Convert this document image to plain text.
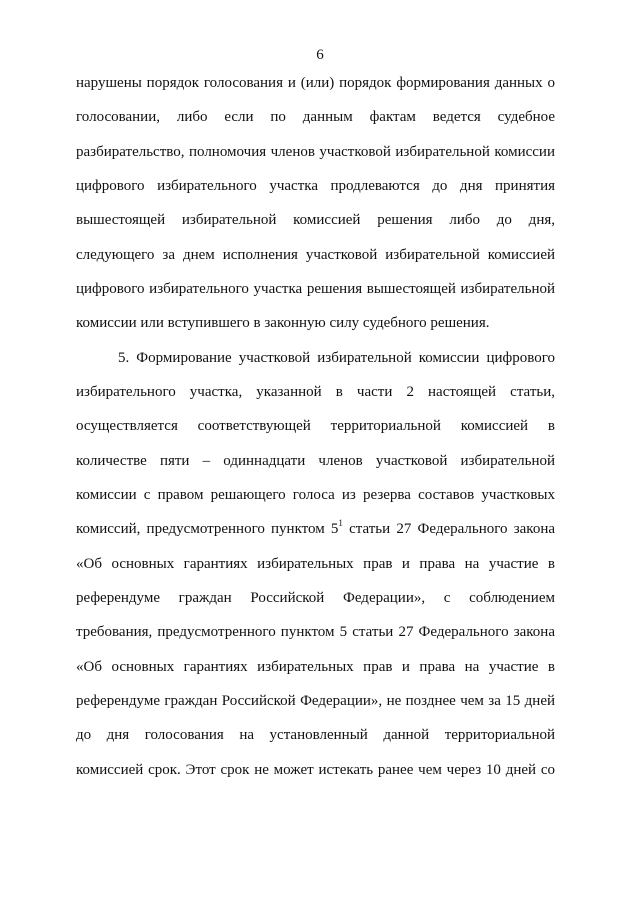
6
нарушены порядок голосования и (или) порядок формирования данных о
голосовании, либо если по данным фактам ведется судебное
разбирательство, полномочия членов участковой избирательной комиссии
цифрового избирательного участка продлеваются до дня принятия
вышестоящей избирательной комиссией решения либо до дня,
следующего за днем исполнения участковой избирательной комиссией
цифрового избирательного участка решения вышестоящей избирательной
комиссии или вступившего в законную силу судебного решения.
5. Формирование участковой избирательной комиссии цифрового
избирательного участка, указанной в части 2 настоящей статьи,
осуществляется соответствующей территориальной комиссией в
количестве пяти – одиннадцати членов участковой избирательной
комиссии с правом решающего голоса из резерва составов участковых
комиссий, предусмотренного пунктом $5^1$ статьи 27 Федерального закона
«Об основных гарантиях избирательных прав и права на участие в
референдуме граждан Российской Федерации», с соблюдением
требования, предусмотренного пунктом 5 статьи 27 Федерального закона
«Об основных гарантиях избирательных прав и права на участие в
референдуме граждан Российской Федерации», не позднее чем за 15 дней
до дня голосования на установленный данной территориальной
комиссией срок. Этот срок не может истекать ранее чем через 10 дней со
